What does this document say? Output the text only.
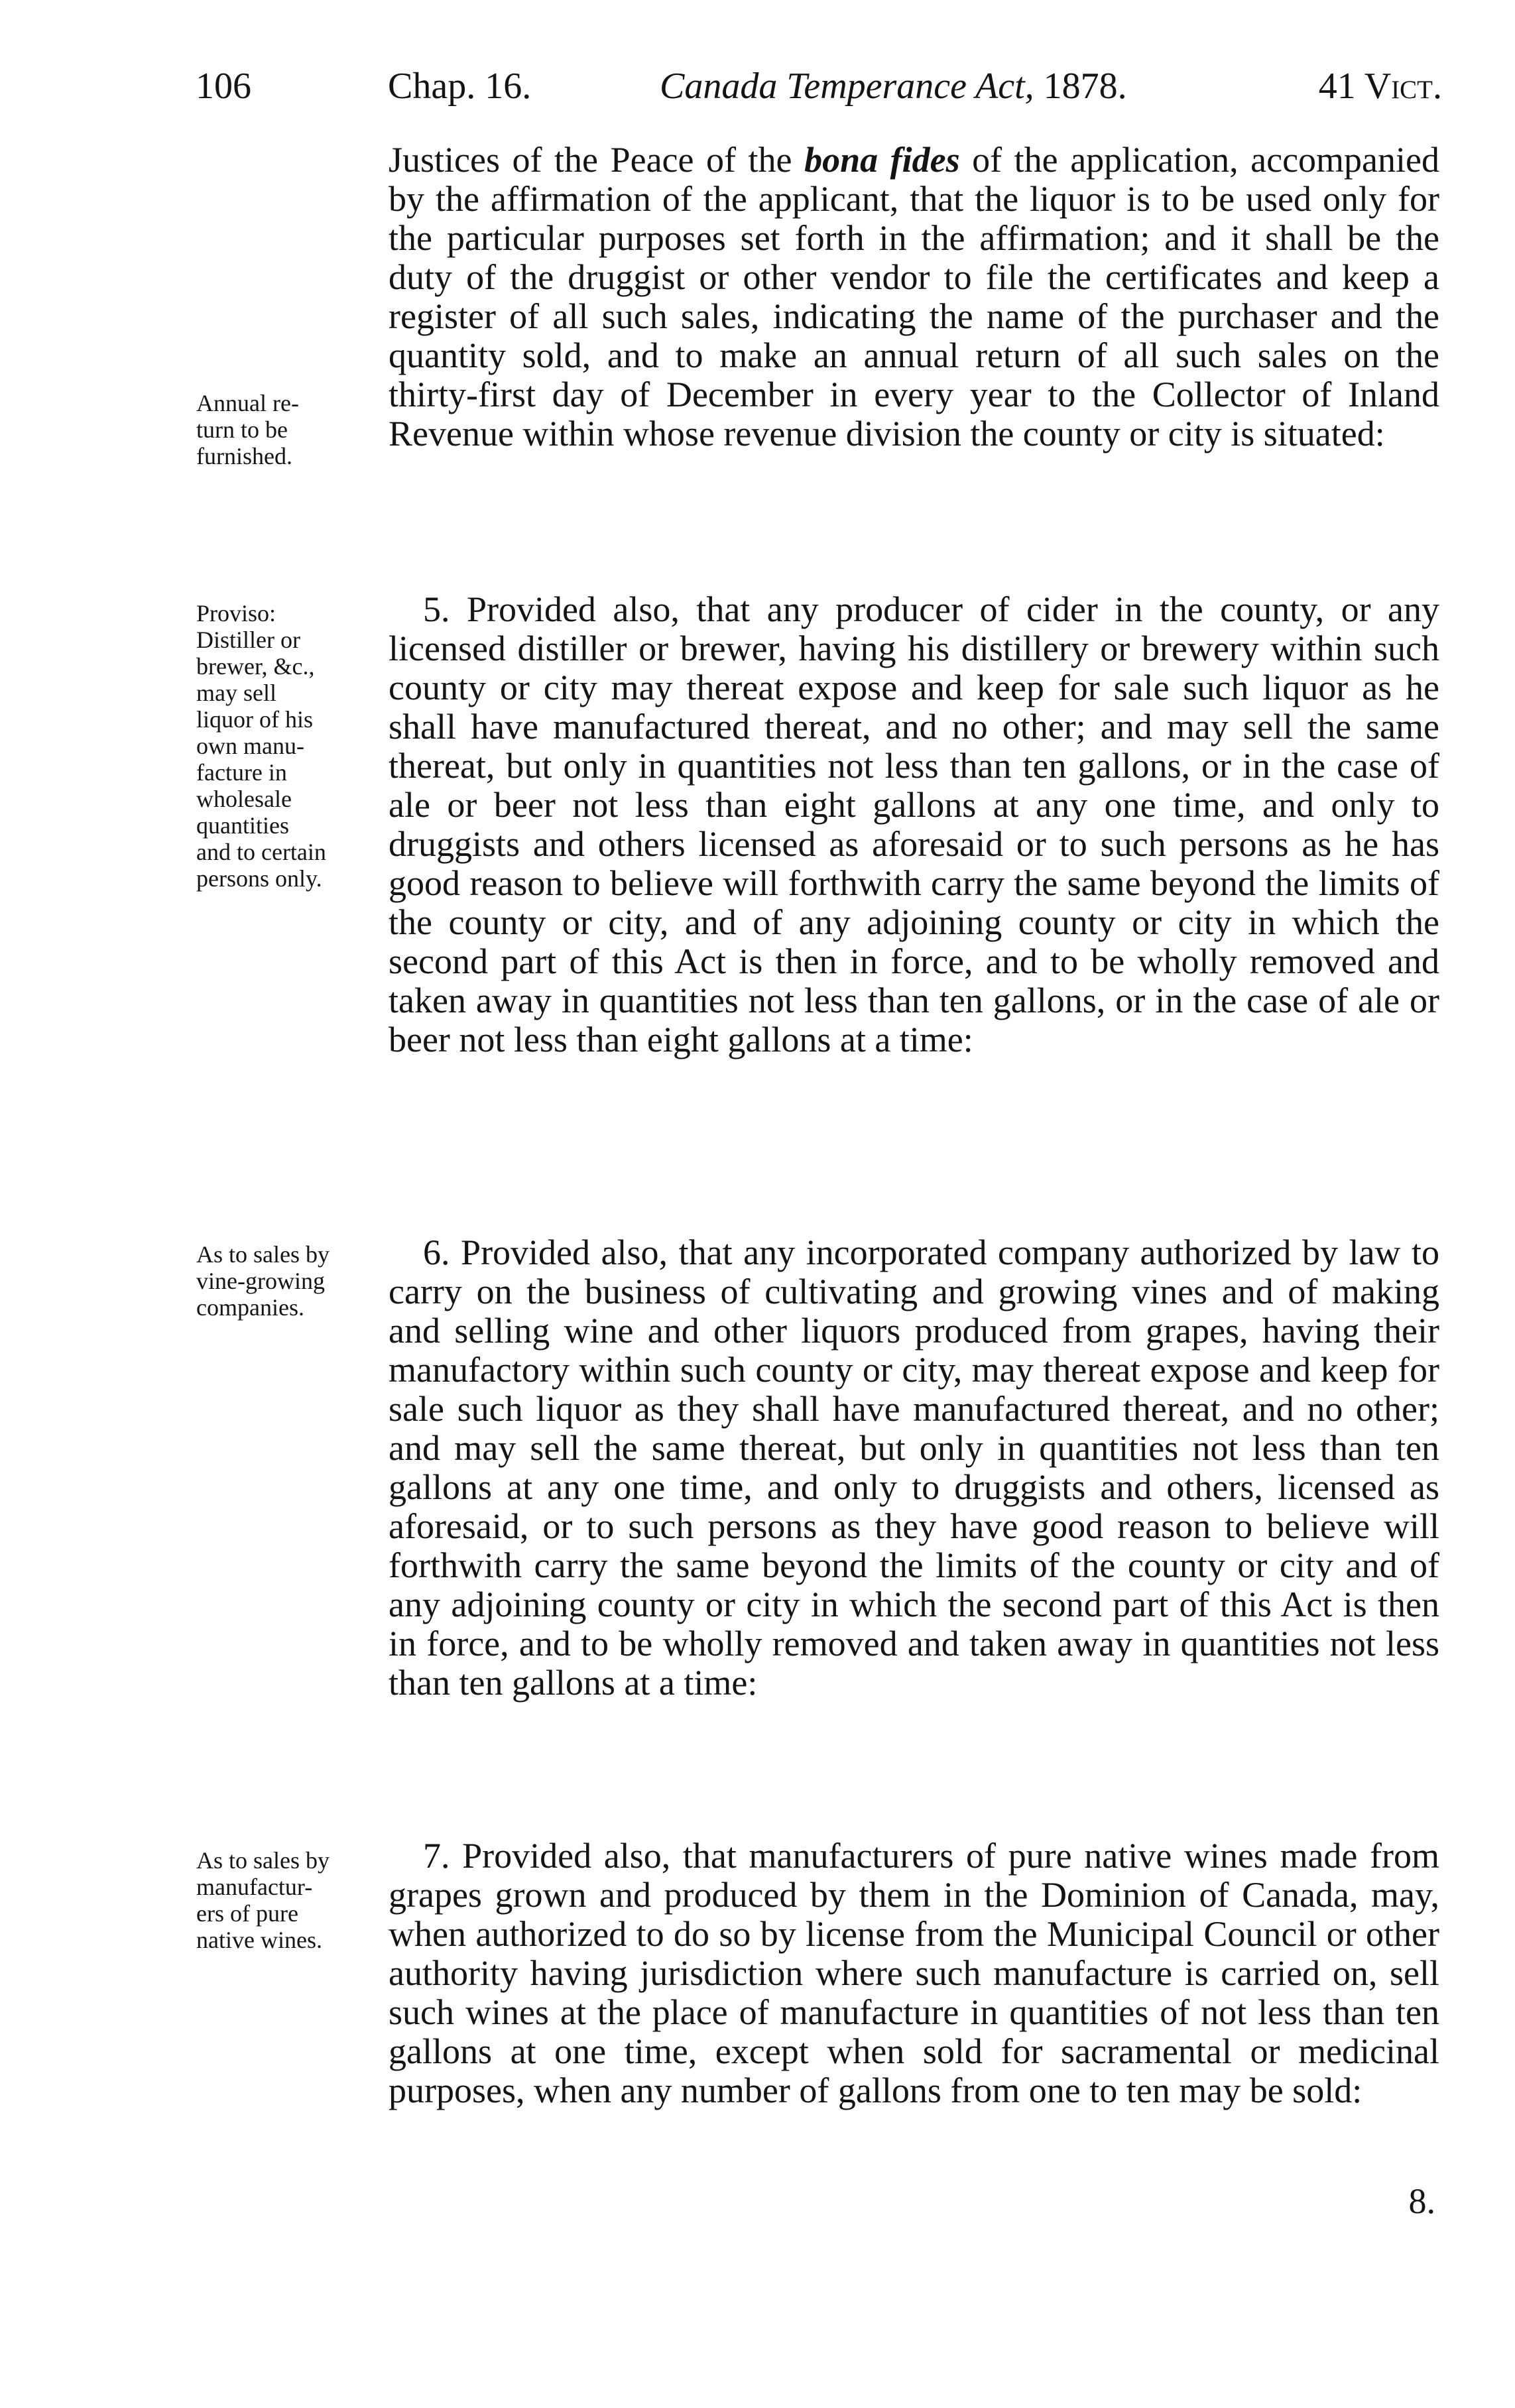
106	Chap. 16.	Canada Temperance Act, 1878.	41 Vict.
Justices of the Peace of the bona fides of the application, accompanied by the affirmation of the applicant, that the liquor is to be used only for the particular purposes set forth in the affirmation; and it shall be the duty of the druggist or other vendor to file the certificates and keep a register of all such sales, indicating the name of the purchaser and the quantity sold, and to make an annual return of all such sales on the thirty-first day of December in every year to the Collector of Inland Revenue within whose revenue division the county or city is situated:
Annual re-
turn to be
furnished.
5. Provided also, that any producer of cider in the county, or any licensed distiller or brewer, having his distillery or brewery within such county or city may thereat expose and keep for sale such liquor as he shall have manufactured thereat, and no other; and may sell the same thereat, but only in quantities not less than ten gallons, or in the case of ale or beer not less than eight gallons at any one time, and only to druggists and others licensed as aforesaid or to such persons as he has good reason to believe will forthwith carry the same beyond the limits of the county or city, and of any adjoining county or city in which the second part of this Act is then in force, and to be wholly removed and taken away in quantities not less than ten gallons, or in the case of ale or beer not less than eight gallons at a time:
Proviso:
Distiller or
brewer, &c.,
may sell
liquor of his
own manu-
facture in
wholesale
quantities
and to certain
persons only.
6. Provided also, that any incorporated company authorized by law to carry on the business of cultivating and growing vines and of making and selling wine and other liquors produced from grapes, having their manufactory within such county or city, may thereat expose and keep for sale such liquor as they shall have manufactured thereat, and no other; and may sell the same thereat, but only in quantities not less than ten gallons at any one time, and only to druggists and others, licensed as aforesaid, or to such persons as they have good reason to believe will forthwith carry the same beyond the limits of the county or city and of any adjoining county or city in which the second part of this Act is then in force, and to be wholly removed and taken away in quantities not less than ten gallons at a time:
As to sales by
vine-growing
companies.
7. Provided also, that manufacturers of pure native wines made from grapes grown and produced by them in the Dominion of Canada, may, when authorized to do so by license from the Municipal Council or other authority having jurisdiction where such manufacture is carried on, sell such wines at the place of manufacture in quantities of not less than ten gallons at one time, except when sold for sacramental or medicinal purposes, when any number of gallons from one to ten may be sold:
As to sales by
manufactur-
ers of pure
native wines.
8.
